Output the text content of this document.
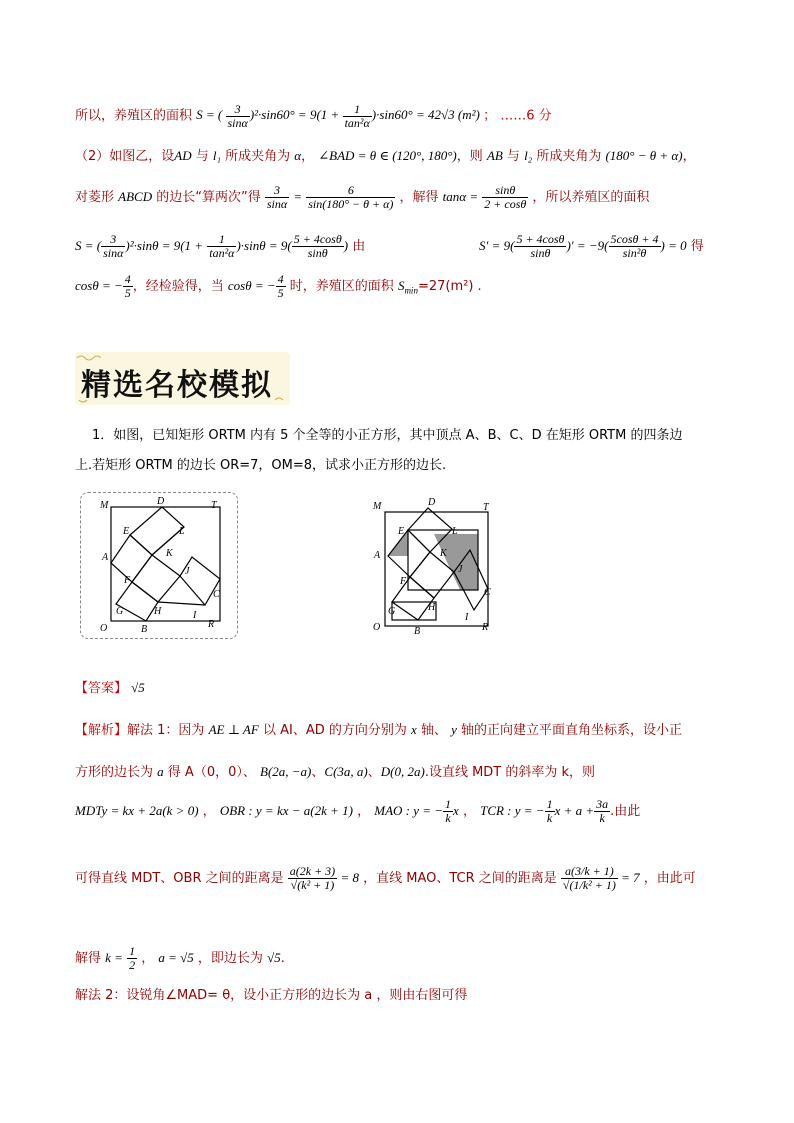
所以，养殖区的面积 S = ( $\frac{3}{\sin\alpha} )^2\cdot\sin 60^\circ = 9(1 + \frac{1}{\text{tan²α}} )\cdot\sin 60^\circ = 42√3$ (m²) ； ……6 分
（2）如图乙，设AD 与 l₁ 所成夹角为 α， ∠BAD = θ ∈ (120°, 180°)，则 AB 与 l₂ 所成夹角为 (180° − θ + α)，
对菱形 ABCD 的边长“算两次”得 $\frac{3}{\sin\alpha} = \frac{6}{\sin(180^\circ - \theta + \alpha)}$ ，解得 $\tan\alpha = \frac{\sin\theta}{2 + \cos\theta}$ ，所以养殖区的面积
S = ( $\frac{3}{\sin\alpha} )^2\cdot\sin\theta = 9(1 + \frac{1}{\text{tan²α}} )\cdot\sin\theta = 9( \frac{5 + 4\cos\theta}{\sin\theta}$ ) 由	$S' = 9( \frac{5 + 4\cos\theta}{\sin\theta}$ )′ = $-9( \frac{5\cos\theta + 4}{\text{sin²θ}}$ ) = 0 得
cosθ = − $\frac{4}{5}$ ，经检验得，当 cosθ = − $\frac{4}{5}$ 时，养殖区的面积 $S_{min}=27(m^2)$ .
精选名校模拟
1．如图，已知矩形 ORTM 内有 5 个全等的小正方形，其中顶点 A、B、C、D 在矩形 ORTM 的四条边
上.若矩形 ORTM 的边长 OR=7，OM=8，试求小正方形的边长.
M	D	T
E	L
A	K
F
J
C
G	H	I
O	B	R
M	D	T
E	L
A	K
F
J
C
G	H
I
O	B	R
【答案】 √5
【解析】解法 1：因为 AE ⊥ AF 以 AI、AD 的方向分别为 x 轴、 y 轴的正向建立平面直角坐标系，设小正
方形的边长为 a 得 A（0，0）、 B(2a, −a)、C(3a, a)、D(0, 2a).设直线 MDT 的斜率为 k，则
MDTy = kx + 2a(k > 0) ， OBR : y = kx − a(2k + 1) ， MAO : y = − $\frac{1}{k}$ x ， TCR : y = − $\frac{1}{k}$ $x + a + \frac{3a}{k}$ .由此
可得直线 MDT、OBR 之间的距离是 $\frac{a(2k + 3)}{\text{√(k² + 1)}} = 8$ ，直线 MAO、TCR 之间的距离是 $\frac{a(3/k + 1)}{\text{√(1/k² + 1)}} = 7$ ，由此可
解得 $k = \frac{1}{2}$ ， a = √5 ，即边长为 √5.
解法 2：设锐角∠MAD= θ，设小正方形的边长为 a ，则由右图可得
